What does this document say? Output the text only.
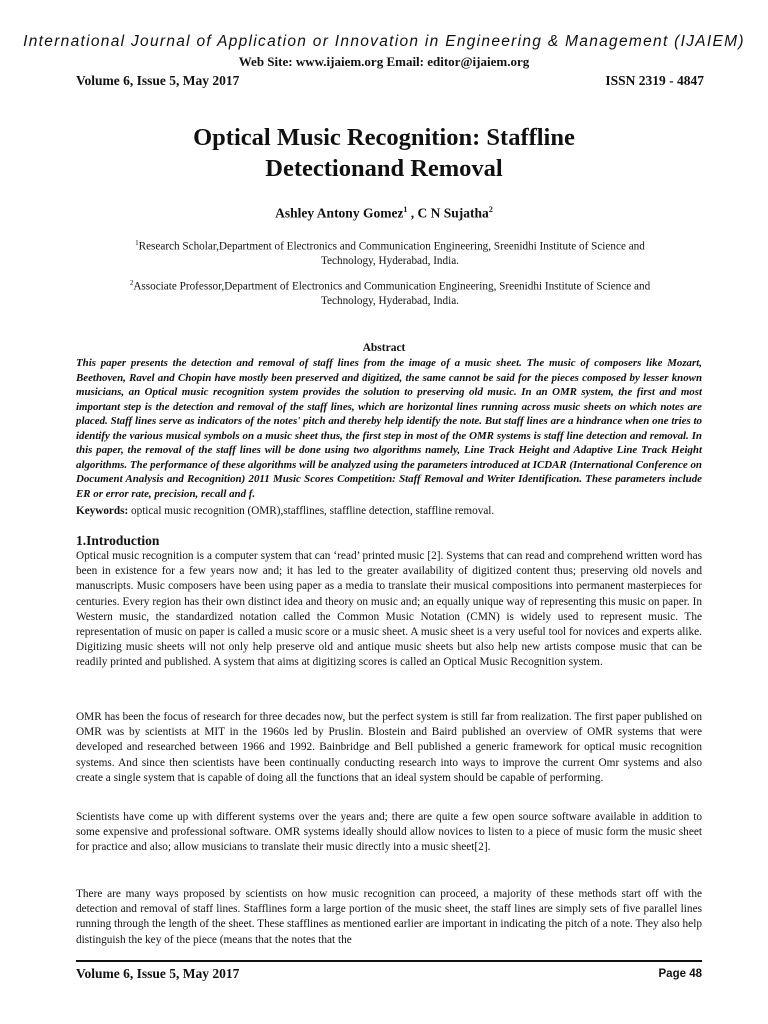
International Journal of Application or Innovation in Engineering & Management (IJAIEM)
Web Site: www.ijaiem.org Email: editor@ijaiem.org
Volume 6, Issue 5, May 2017	ISSN 2319 - 4847
Optical Music Recognition: Staffline
Detectionand Removal
Ashley Antony Gomez$^1$ , C N Sujatha$^2$
$^1$Research Scholar,Department of Electronics and Communication Engineering, Sreenidhi Institute of Science and Technology, Hyderabad, India.
$^2$Associate Professor,Department of Electronics and Communication Engineering, Sreenidhi Institute of Science and Technology, Hyderabad, India.
Abstract
This paper presents the detection and removal of staff lines from the image of a music sheet. The music of composers like Mozart, Beethoven, Ravel and Chopin have mostly been preserved and digitized, the same cannot be said for the pieces composed by lesser known musicians, an Optical music recognition system provides the solution to preserving old music. In an OMR system, the first and most important step is the detection and removal of the staff lines, which are horizontal lines running across music sheets on which notes are placed. Staff lines serve as indicators of the notes' pitch and thereby help identify the note. But staff lines are a hindrance when one tries to identify the various musical symbols on a music sheet thus, the first step in most of the OMR systems is staff line detection and removal. In this paper, the removal of the staff lines will be done using two algorithms namely, Line Track Height and Adaptive Line Track Height algorithms. The performance of these algorithms will be analyzed using the parameters introduced at ICDAR (International Conference on Document Analysis and Recognition) 2011 Music Scores Competition: Staff Removal and Writer Identification. These parameters include ER or error rate, precision, recall and f.
Keywords: optical music recognition (OMR),stafflines, staffline detection, staffline removal.
1.Introduction
Optical music recognition is a computer system that can ‘read’ printed music [2]. Systems that can read and comprehend written word has been in existence for a few years now and; it has led to the greater availability of digitized content thus; preserving old novels and manuscripts. Music composers have been using paper as a media to translate their musical compositions into permanent masterpieces for centuries. Every region has their own distinct idea and theory on music and; an equally unique way of representing this music on paper. In Western music, the standardized notation called the Common Music Notation (CMN) is widely used to represent music. The representation of music on paper is called a music score or a music sheet. A music sheet is a very useful tool for novices and experts alike. Digitizing music sheets will not only help preserve old and antique music sheets but also help new artists compose music that can be readily printed and published. A system that aims at digitizing scores is called an Optical Music Recognition system.
OMR has been the focus of research for three decades now, but the perfect system is still far from realization. The first paper published on OMR was by scientists at MIT in the 1960s led by Pruslin. Blostein and Baird published an overview of OMR systems that were developed and researched between 1966 and 1992. Bainbridge and Bell published a generic framework for optical music recognition systems. And since then scientists have been continually conducting research into ways to improve the current Omr systems and also create a single system that is capable of doing all the functions that an ideal system should be capable of performing.
Scientists have come up with different systems over the years and; there are quite a few open source software available in addition to some expensive and professional software. OMR systems ideally should allow novices to listen to a piece of music form the music sheet for practice and also; allow musicians to translate their music directly into a music sheet[2].
There are many ways proposed by scientists on how music recognition can proceed, a majority of these methods start off with the detection and removal of staff lines. Stafflines form a large portion of the music sheet, the staff lines are simply sets of five parallel lines running through the length of the sheet. These stafflines as mentioned earlier are important in indicating the pitch of a note. They also help distinguish the key of the piece (means that the notes that the
Volume 6, Issue 5, May 2017	Page 48
